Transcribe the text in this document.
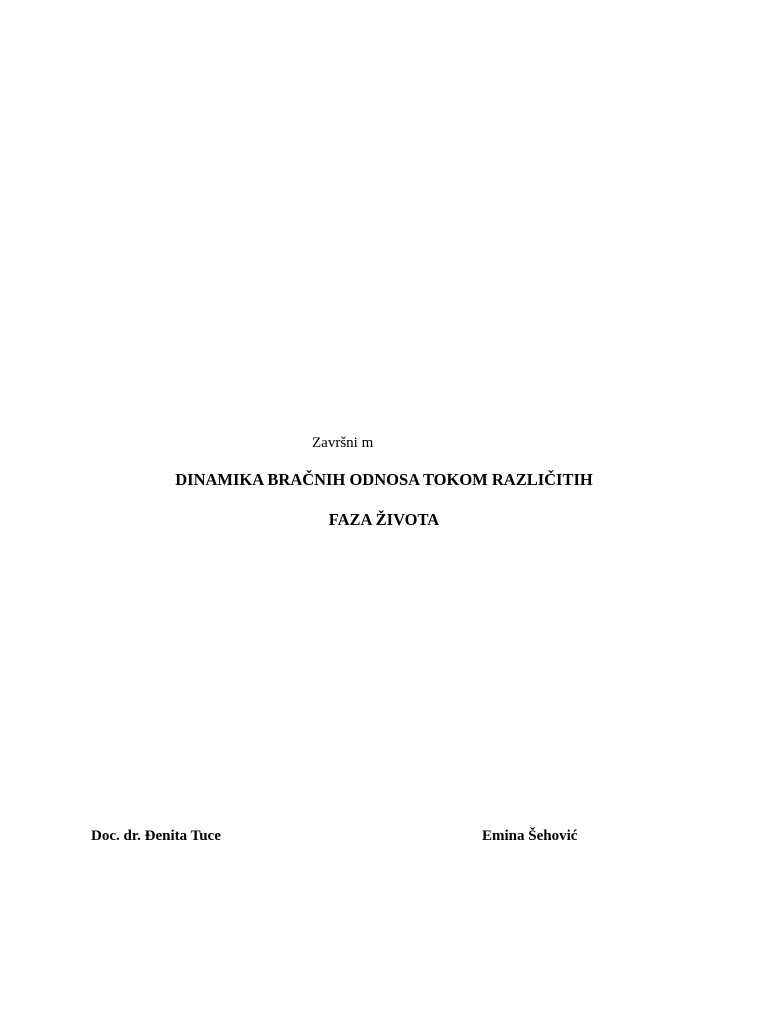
Završni m
DINAMIKA BRAČNIH ODNOSA TOKOM RAZLIČITIH
FAZA ŽIVOTA
Doc. dr. Đenita Tuce	Emina Šehović
